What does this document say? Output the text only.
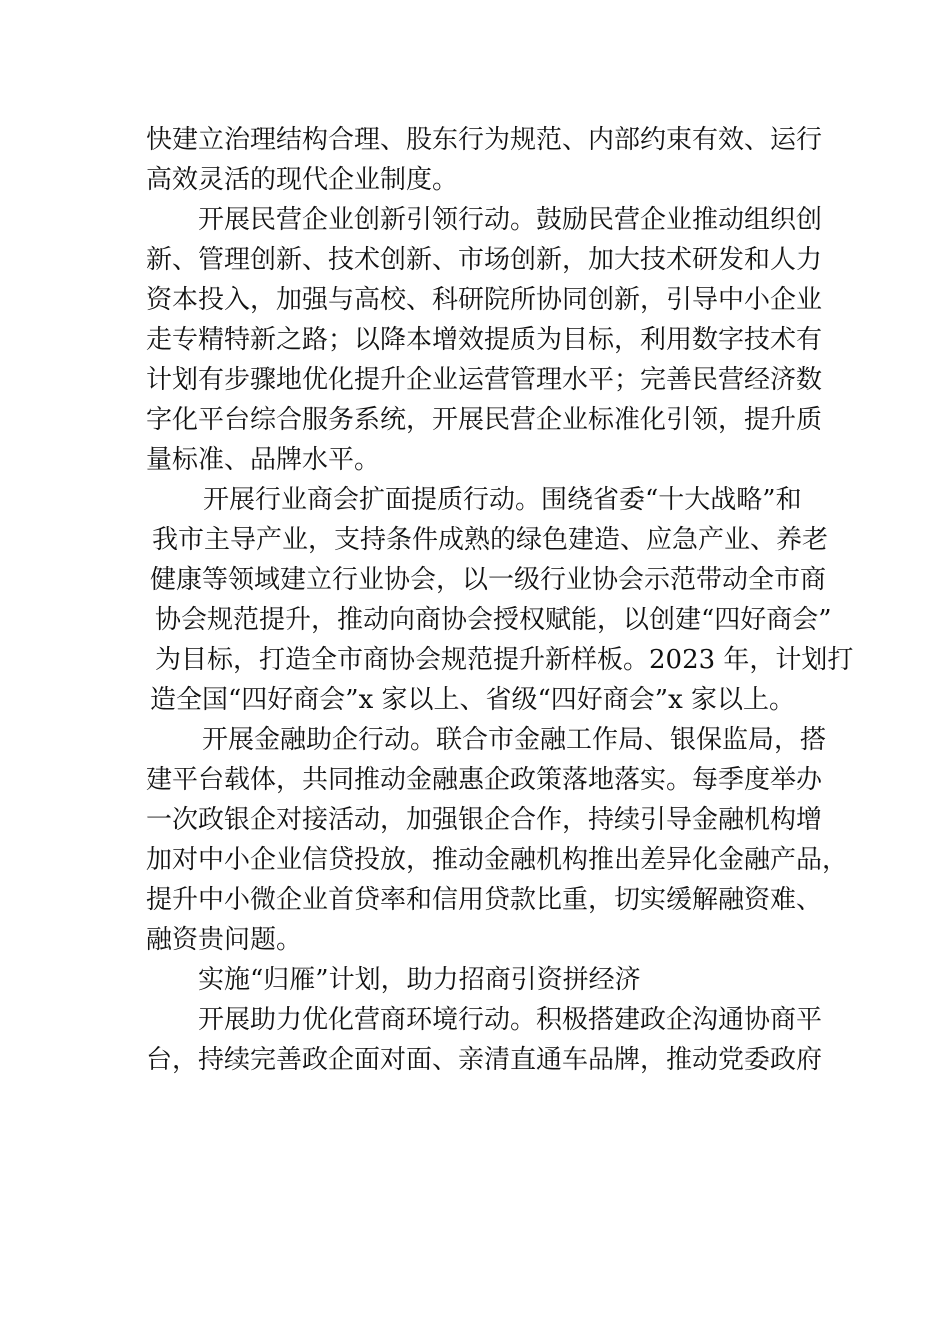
快建立治理结构合理、股东行为规范、内部约束有效、运行
高效灵活的现代企业制度。
开展民营企业创新引领行动。鼓励民营企业推动组织创
新、管理创新、技术创新、市场创新，加大技术研发和人力
资本投入，加强与高校、科研院所协同创新，引导中小企业
走专精特新之路；以降本增效提质为目标，利用数字技术有
计划有步骤地优化提升企业运营管理水平；完善民营经济数
字化平台综合服务系统，开展民营企业标准化引领，提升质
量标准、品牌水平。
开展行业商会扩面提质行动。围绕省委“十大战略”和
我市主导产业，支持条件成熟的绿色建造、应急产业、养老
健康等领域建立行业协会，以一级行业协会示范带动全市商
协会规范提升，推动向商协会授权赋能，以创建“四好商会”
为目标，打造全市商协会规范提升新样板。2023 年，计划打
造全国“四好商会”x 家以上、省级“四好商会”x 家以上。
开展金融助企行动。联合市金融工作局、银保监局，搭
建平台载体，共同推动金融惠企政策落地落实。每季度举办
一次政银企对接活动，加强银企合作，持续引导金融机构增
加对中小企业信贷投放，推动金融机构推出差异化金融产品，
提升中小微企业首贷率和信用贷款比重，切实缓解融资难、
融资贵问题。
实施“归雁”计划，助力招商引资拼经济
开展助力优化营商环境行动。积极搭建政企沟通协商平
台，持续完善政企面对面、亲清直通车品牌，推动党委政府
